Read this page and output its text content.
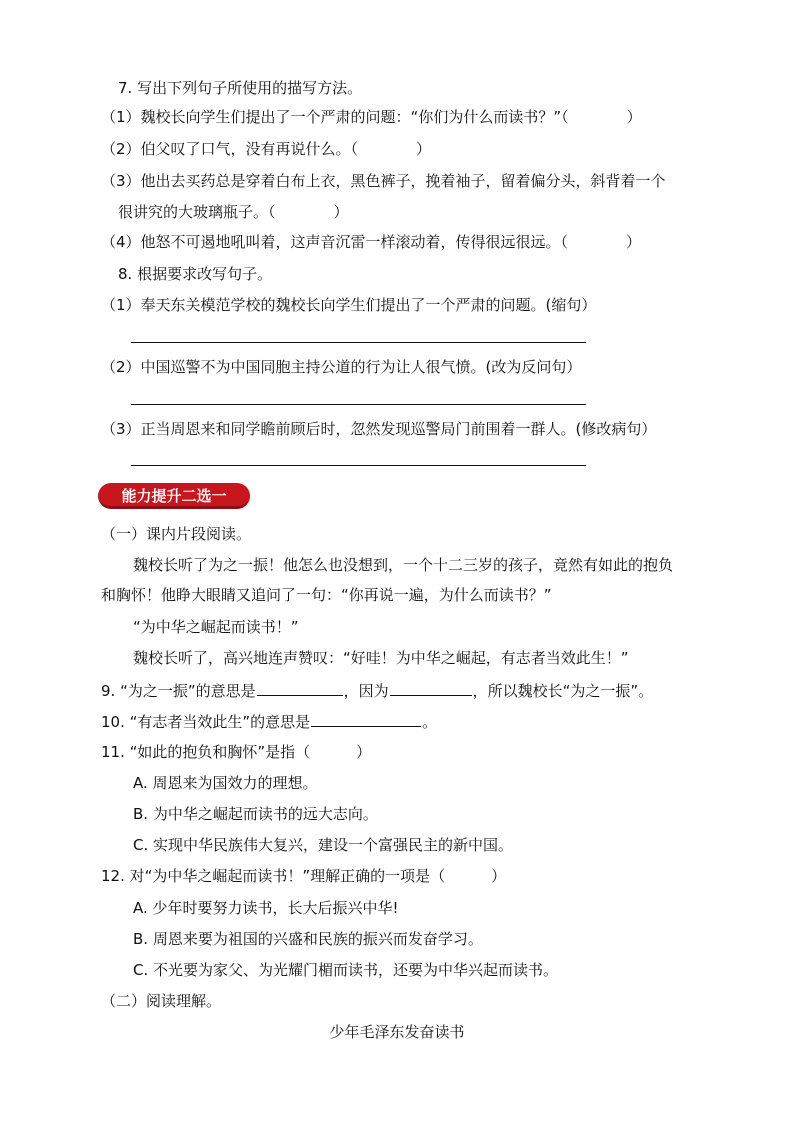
7. 写出下列句子所使用的描写方法。
（1）魏校长向学生们提出了一个严肃的问题：“你们为什么而读书？”（	）
（2）伯父叹了口气，没有再说什么。（	）
（3）他出去买药总是穿着白布上衣，黑色裤子，挽着袖子，留着偏分头，斜背着一个
很讲究的大玻璃瓶子。（	）
（4）他怒不可遏地吼叫着，这声音沉雷一样滚动着，传得很远很远。（	）
8. 根据要求改写句子。
（1）奉天东关模范学校的魏校长向学生们提出了一个严肃的问题。(缩句）
（2）中国巡警不为中国同胞主持公道的行为让人很气愤。(改为反问句）
（3）正当周恩来和同学瞻前顾后时，忽然发现巡警局门前围着一群人。(修改病句）
能力提升二选一
（一）课内片段阅读。
魏校长听了为之一振！他怎么也没想到，一个十二三岁的孩子，竟然有如此的抱负
和胸怀！他睁大眼睛又追问了一句：“你再说一遍，为什么而读书？”
“为中华之崛起而读书！”
魏校长听了，高兴地连声赞叹：“好哇！为中华之崛起，有志者当效此生！”
9. “为之一振”的意思是	，因为	，所以魏校长“为之一振”。
10. “有志者当效此生”的意思是	。
11. “如此的抱负和胸怀”是指（	）
A. 周恩来为国效力的理想。
B. 为中华之崛起而读书的远大志向。
C. 实现中华民族伟大复兴，建设一个富强民主的新中国。
12. 对“为中华之崛起而读书！”理解正确的一项是（	）
A. 少年时要努力读书，长大后振兴中华!
B. 周恩来要为祖国的兴盛和民族的振兴而发奋学习。
C. 不光要为家父、为光耀门楣而读书，还要为中华兴起而读书。
（二）阅读理解。
少年毛泽东发奋读书
